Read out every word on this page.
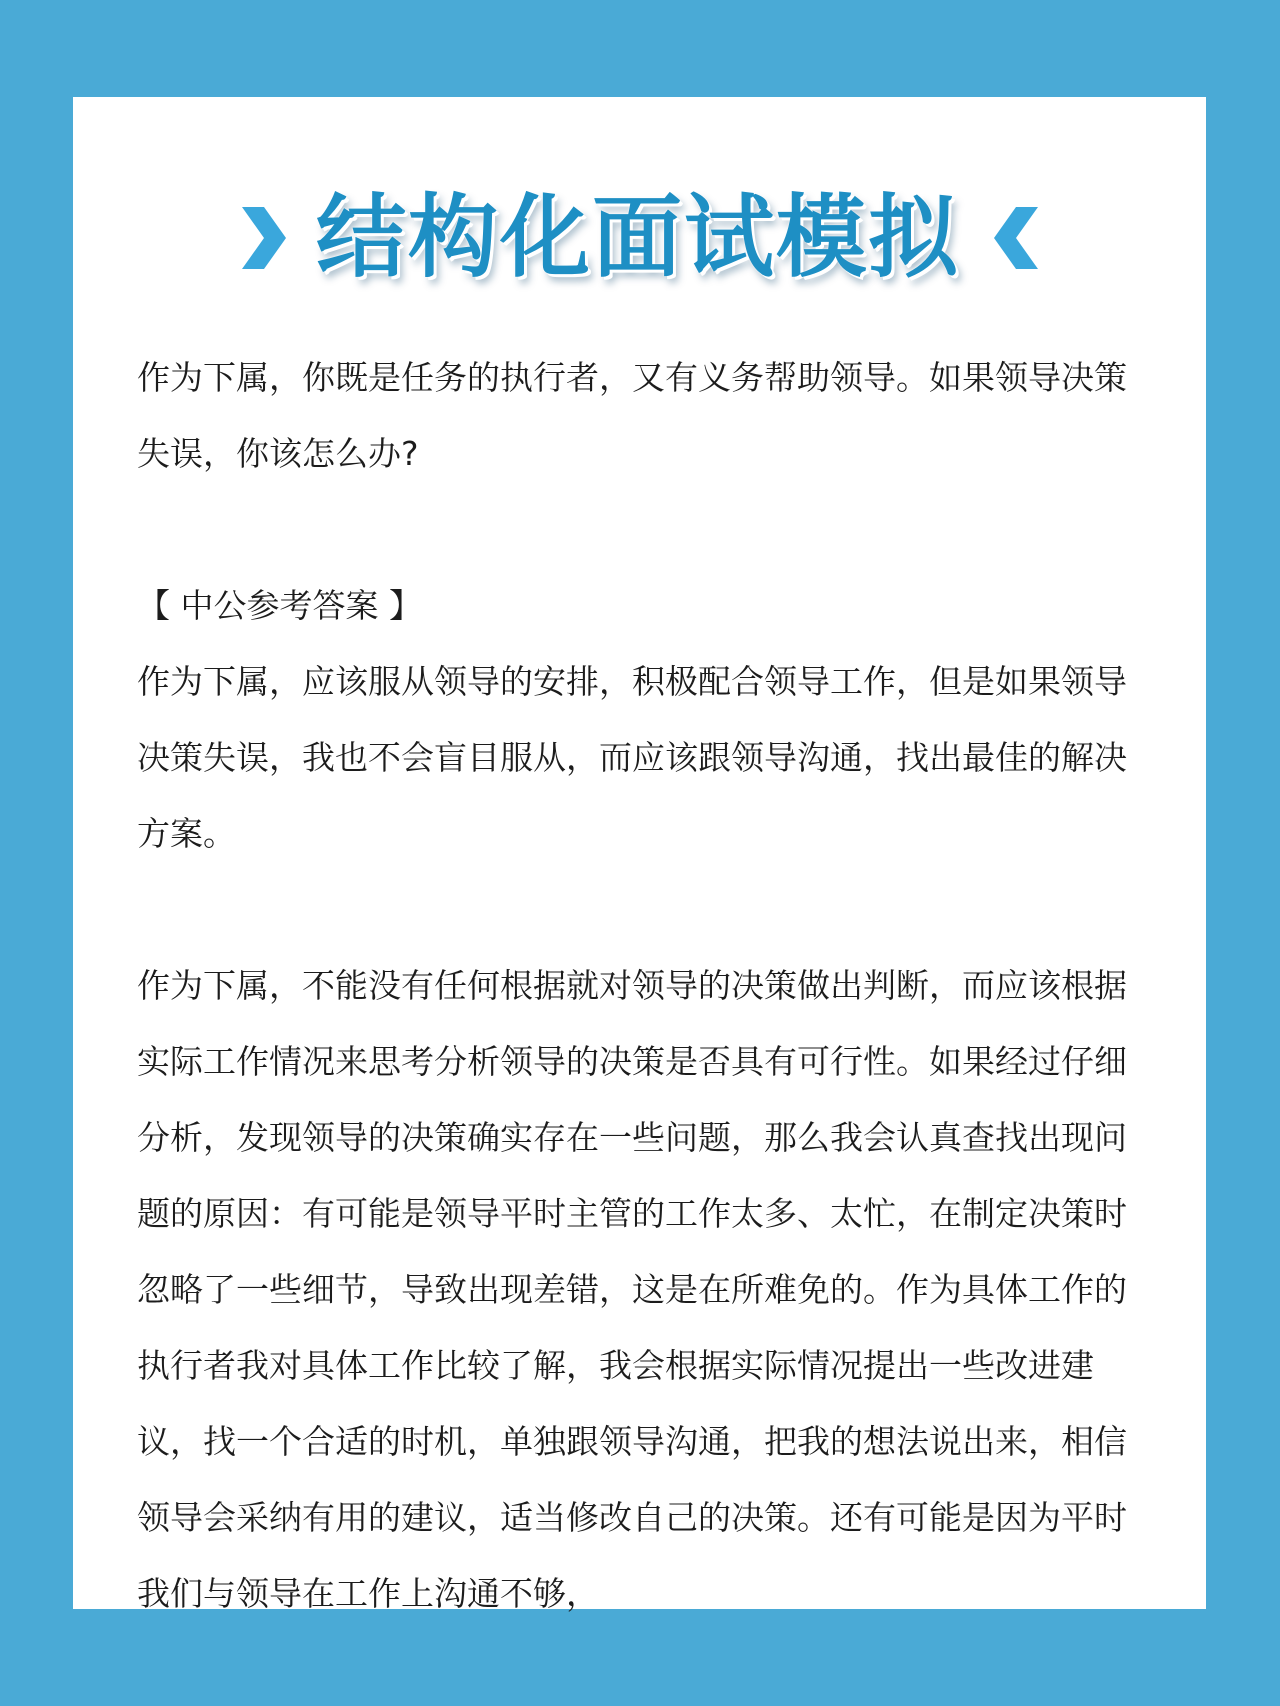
结构化面试模拟

作为下属，你既是任务的执行者，又有义务帮助领导。如果领导决策失误，你该怎么办?

【 中公参考答案 】

作为下属，应该服从领导的安排，积极配合领导工作，但是如果领导决策失误，我也不会盲目服从，而应该跟领导沟通，找出最佳的解决方案。

作为下属，不能没有任何根据就对领导的决策做出判断，而应该根据实际工作情况来思考分析领导的决策是否具有可行性。如果经过仔细分析，发现领导的决策确实存在一些问题，那么我会认真查找出现问题的原因：有可能是领导平时主管的工作太多、太忙，在制定决策时忽略了一些细节，导致出现差错，这是在所难免的。作为具体工作的执行者我对具体工作比较了解，我会根据实际情况提出一些改进建议，找一个合适的时机，单独跟领导沟通，把我的想法说出来，相信领导会采纳有用的建议，适当修改自己的决策。还有可能是因为平时我们与领导在工作上沟通不够，
